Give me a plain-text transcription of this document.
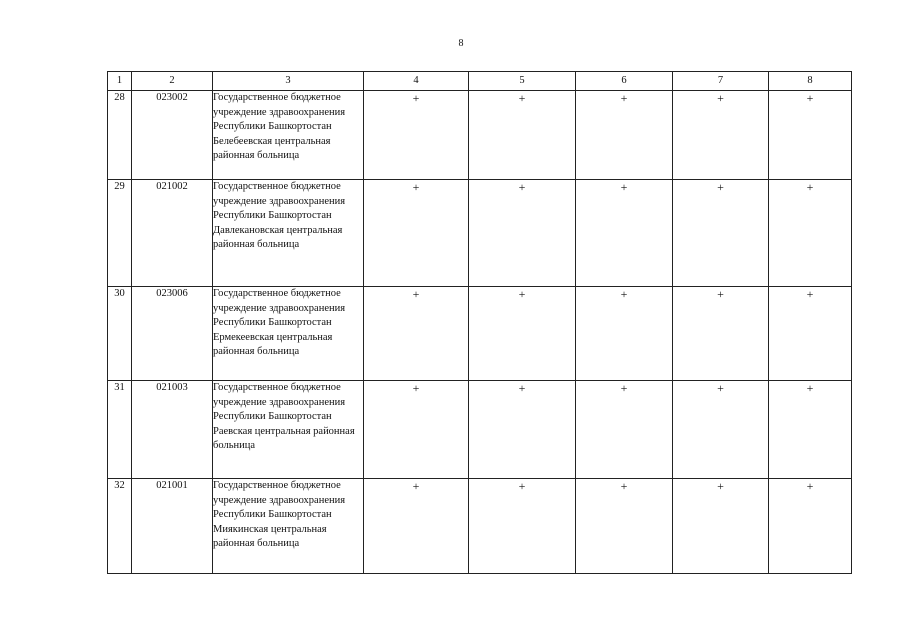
8
1	2	3	4	5	6	7	8
28	023002	Государственное бюджетное учреждение здравоохранения Республики Башкортостан Белебеевская центральная районная больница	+	+	+	+	+
29	021002	Государственное бюджетное учреждение здравоохранения Республики Башкортостан Давлекановская центральная районная больница	+	+	+	+	+
30	023006	Государственное бюджетное учреждение здравоохранения Республики Башкортостан Ермекеевская центральная районная больница	+	+	+	+	+
31	021003	Государственное бюджетное учреждение здравоохранения Республики Башкортостан Раевская центральная районная больница	+	+	+	+	+
32	021001	Государственное бюджетное учреждение здравоохранения Республики Башкортостан Миякинская центральная районная больница	+	+	+	+	+
